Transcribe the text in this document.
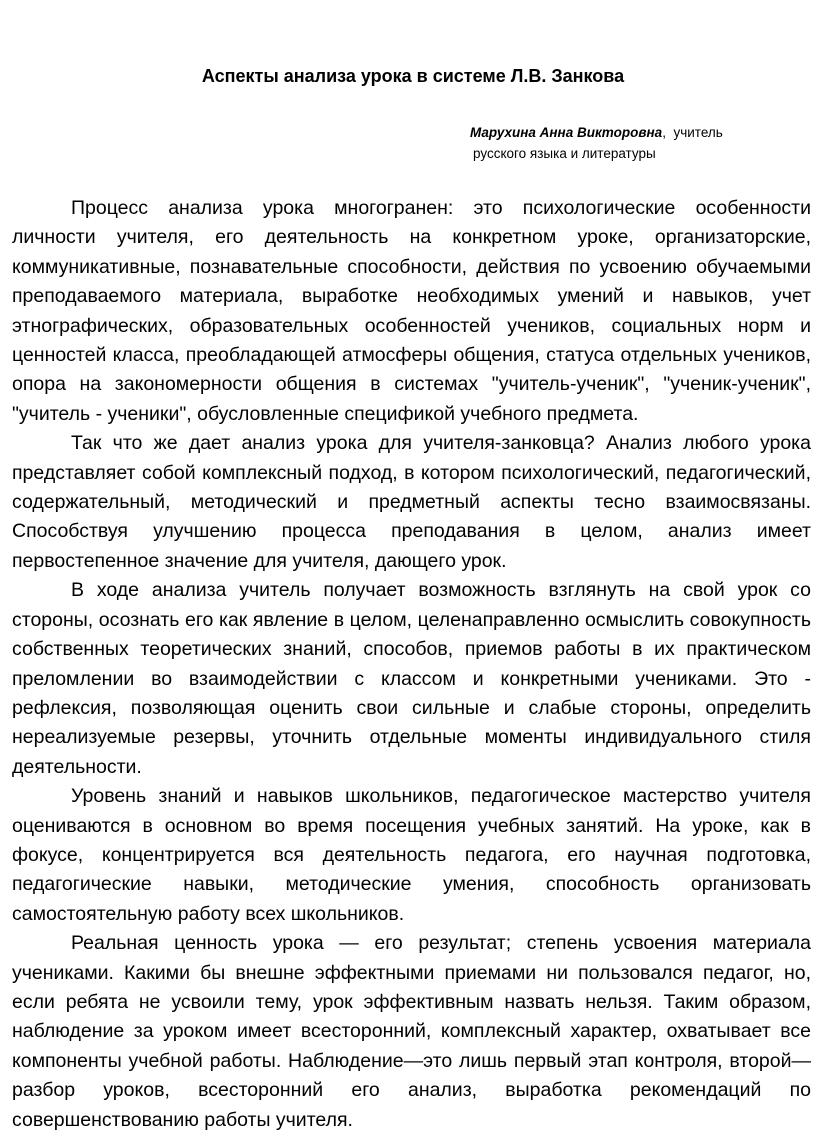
Аспекты анализа урока в системе Л.В. Занкова
Марухина Анна Викторовна,  учитель
русского языка и литературы

Процесс анализа урока многогранен: это психологические особенности личности учителя, его деятельность на конкретном уроке, организаторские, коммуникативные, познавательные способности, действия по усвоению обучаемыми преподаваемого материала, выработке необходимых умений и навыков, учет этнографических, образовательных особенностей учеников, социальных норм и ценностей класса, преобладающей атмосферы общения, статуса отдельных учеников, опора на закономерности общения в системах "учитель-ученик", "ученик-ученик", "учитель - ученики", обусловленные спецификой учебного предмета.

Так что же дает анализ урока для учителя-занковца? Анализ любого урока представляет собой комплексный подход, в котором психологический, педагогический, содержательный, методический и предметный аспекты тесно взаимосвязаны. Способствуя улучшению процесса преподавания в целом, анализ имеет первостепенное значение для учителя, дающего урок.

В ходе анализа учитель получает возможность взглянуть на свой урок со стороны, осознать его как явление в целом, целенаправленно осмыслить совокупность собственных теоретических знаний, способов, приемов работы в их практическом преломлении во взаимодействии с классом и конкретными учениками. Это - рефлексия, позволяющая оценить свои сильные и слабые стороны, определить нереализуемые резервы, уточнить отдельные моменты индивидуального стиля деятельности.

Уровень знаний и навыков школьников, педагогическое мастерство учителя оцениваются в основном во время посещения учебных занятий. На уроке, как в фокусе, концентрируется вся деятельность педагога, его научная подготовка, педагогические навыки, методические умения, способность организовать самостоятельную работу всех школьников.

Реальная ценность урока — его результат; степень усвоения материала учениками. Какими бы внешне эффектными приемами ни пользовался педагог, но, если ребята не усвоили тему, урок эффективным назвать нельзя. Таким образом, наблюдение за уроком имеет всесторонний, комплексный характер, охватывает все компоненты учебной работы. Наблюдение—это лишь первый этап контроля, второй—разбор уроков, всесторонний его анализ, выработка рекомендаций по совершенствованию работы учителя.
